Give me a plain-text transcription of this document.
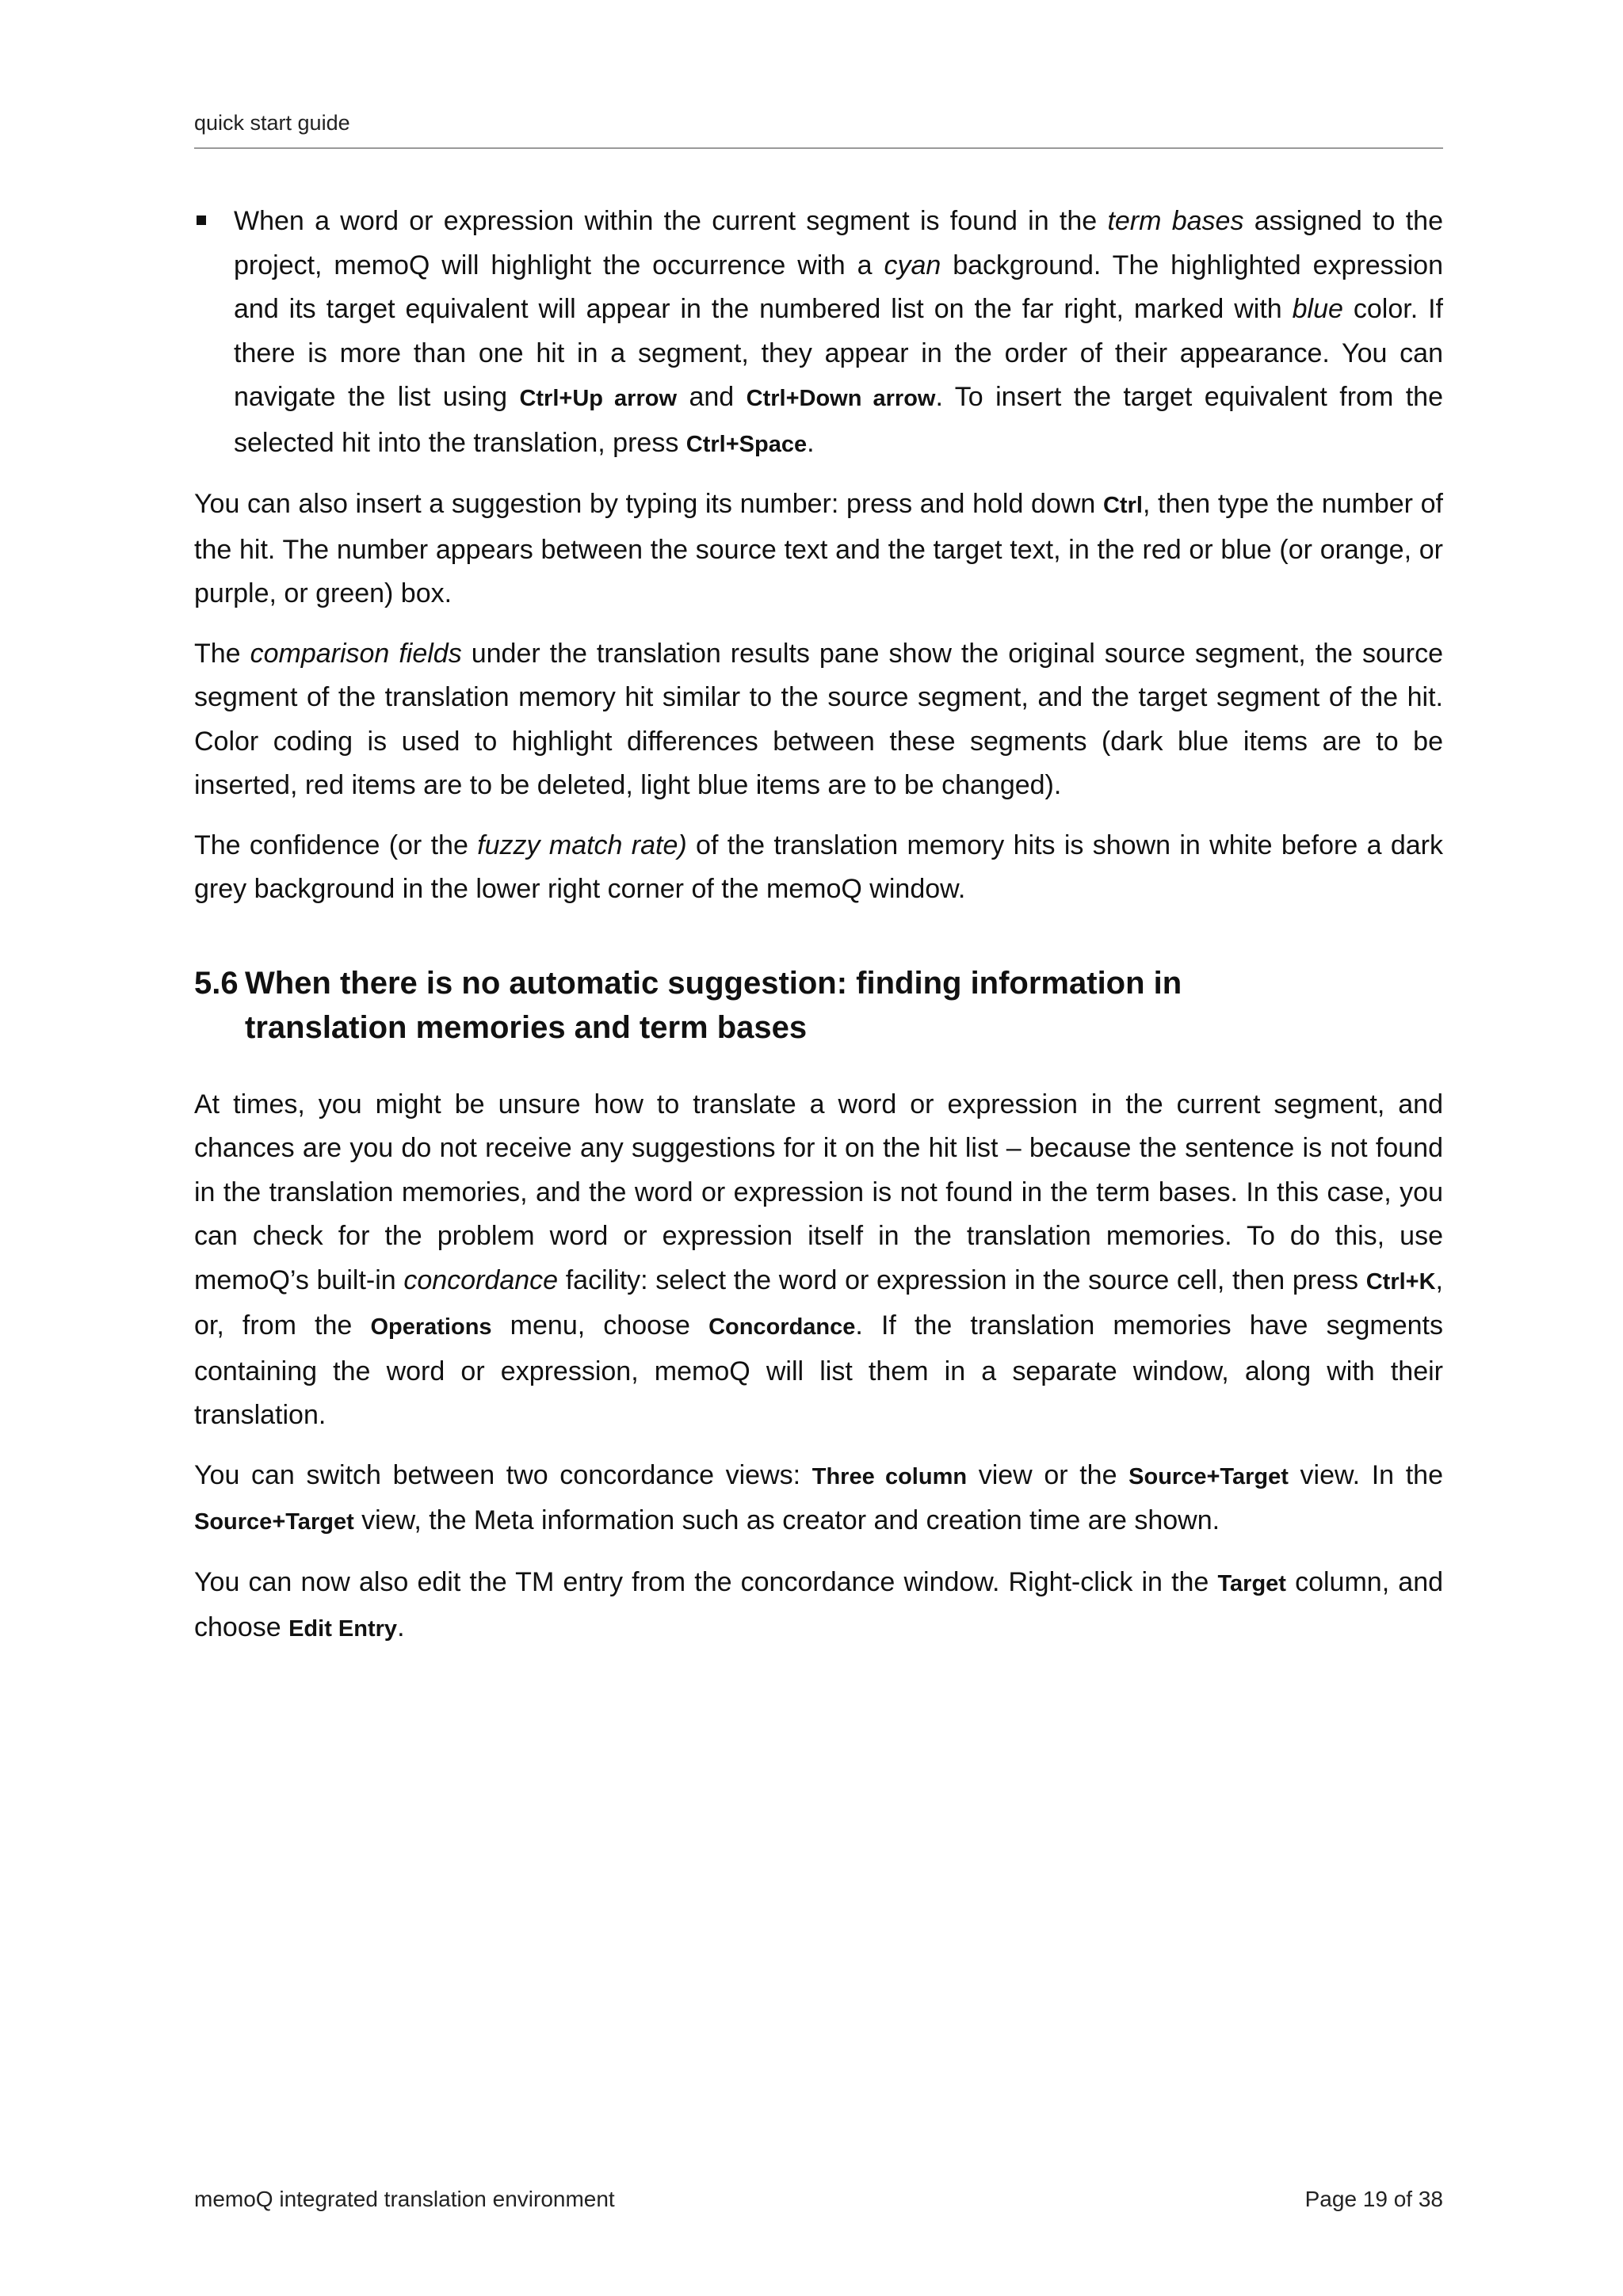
quick start guide
When a word or expression within the current segment is found in the term bases assigned to the project, memoQ will highlight the occurrence with a cyan background. The highlighted expression and its target equivalent will appear in the numbered list on the far right, marked with blue color. If there is more than one hit in a segment, they appear in the order of their appearance. You can navigate the list using Ctrl+Up arrow and Ctrl+Down arrow. To insert the target equivalent from the selected hit into the translation, press Ctrl+Space.

You can also insert a suggestion by typing its number: press and hold down Ctrl, then type the number of the hit. The number appears between the source text and the target text, in the red or blue (or orange, or purple, or green) box.

The comparison fields under the translation results pane show the original source segment, the source segment of the translation memory hit similar to the source segment, and the target segment of the hit. Color coding is used to highlight differences between these segments (dark blue items are to be inserted, red items are to be deleted, light blue items are to be changed).

The confidence (or the fuzzy match rate) of the translation memory hits is shown in white before a dark grey background in the lower right corner of the memoQ window.

5.6 When there is no automatic suggestion: finding information in translation memories and term bases

At times, you might be unsure how to translate a word or expression in the current segment, and chances are you do not receive any suggestions for it on the hit list – because the sentence is not found in the translation memories, and the word or expression is not found in the term bases. In this case, you can check for the problem word or expression itself in the translation memories. To do this, use memoQ’s built-in concordance facility: select the word or expression in the source cell, then press Ctrl+K, or, from the Operations menu, choose Concordance. If the translation memories have segments containing the word or expression, memoQ will list them in a separate window, along with their translation.

You can switch between two concordance views: Three column view or the Source+Target view. In the Source+Target view, the Meta information such as creator and creation time are shown.

You can now also edit the TM entry from the concordance window. Right-click in the Target column, and choose Edit Entry.

memoQ integrated translation environment	Page 19 of 38
